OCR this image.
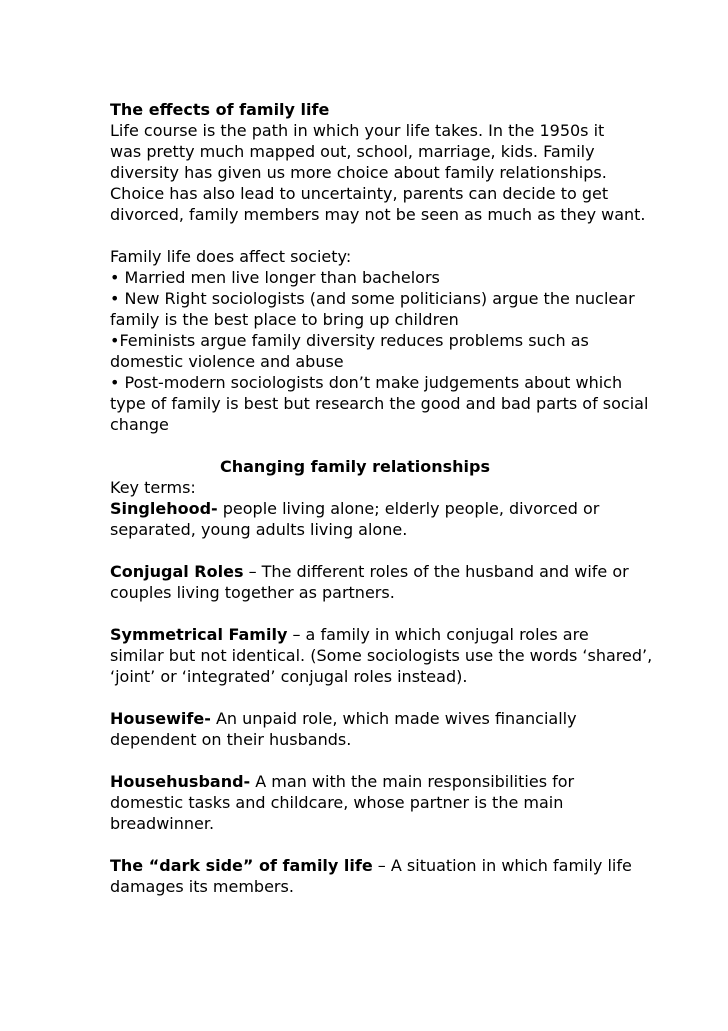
The effects of family life
Life course is the path in which your life takes. In the 1950s it
was pretty much mapped out, school, marriage, kids. Family
diversity has given us more choice about family relationships.
Choice has also lead to uncertainty, parents can decide to get
divorced, family members may not be seen as much as they want.
Family life does affect society:
• Married men live longer than bachelors
• New Right sociologists (and some politicians) argue the nuclear
family is the best place to bring up children
•Feminists argue family diversity reduces problems such as
domestic violence and abuse
• Post-modern sociologists don’t make judgements about which
type of family is best but research the good and bad parts of social
change
Changing family relationships
Key terms:
Singlehood- people living alone; elderly people, divorced or
separated, young adults living alone.
Conjugal Roles – The different roles of the husband and wife or
couples living together as partners.
Symmetrical Family – a family in which conjugal roles are
similar but not identical. (Some sociologists use the words ‘shared’,
‘joint’ or ‘integrated’ conjugal roles instead).
Housewife- An unpaid role, which made wives financially
dependent on their husbands.
Househusband- A man with the main responsibilities for
domestic tasks and childcare, whose partner is the main
breadwinner.
The “dark side” of family life – A situation in which family life
damages its members.
